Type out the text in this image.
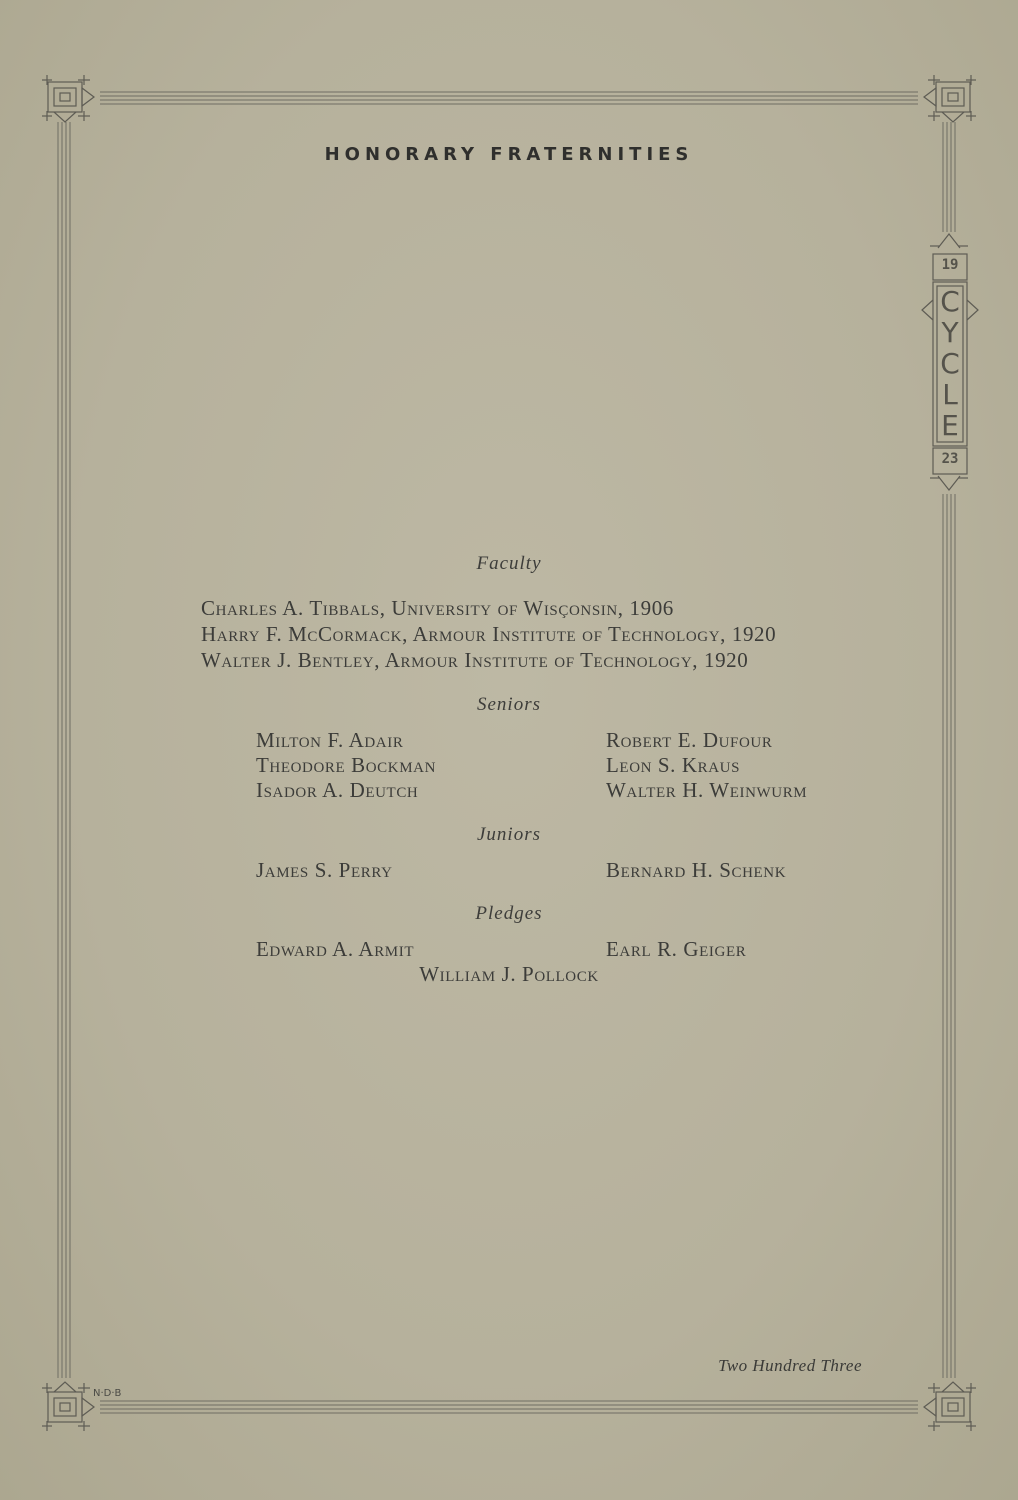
19
C
Y
C
L
E
23
HONORARY FRATERNITIES
Faculty
Charles A. Tibbals, University of Wisçonsin, 1906
Harry F. McCormack, Armour Institute of Technology, 1920
Walter J. Bentley, Armour Institute of Technology, 1920
Seniors
Milton F. Adair
Theodore Bockman
Isador A. Deutch
Robert E. Dufour
Leon S. Kraus
Walter H. Weinwurm
Juniors
James S. Perry	Bernard H. Schenk
Pledges
Edward A. Armit	Earl R. Geiger
William J. Pollock
Two Hundred Three
N·D·B
